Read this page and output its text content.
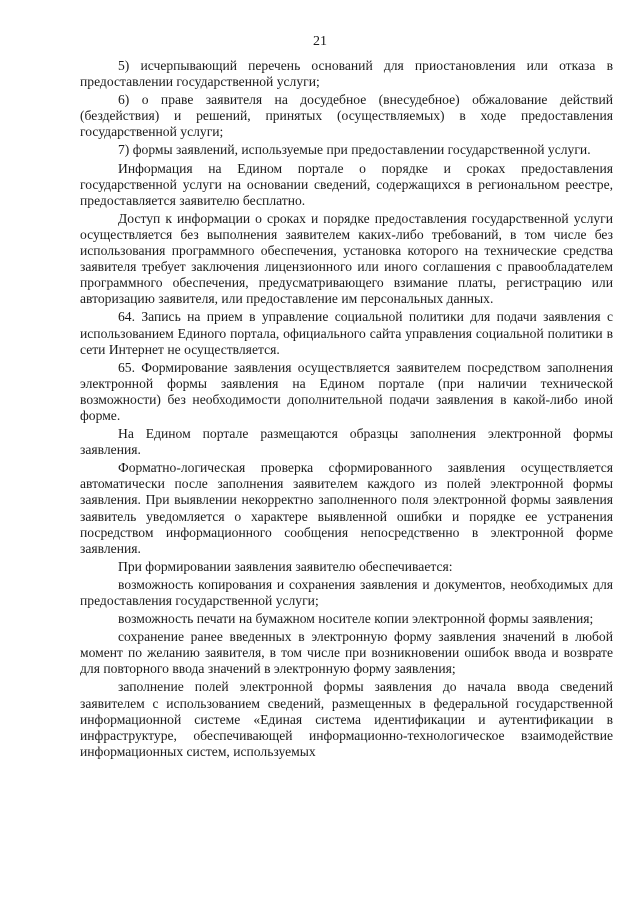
21

5) исчерпывающий перечень оснований для приостановления или отказа в предоставлении государственной услуги;

6) о праве заявителя на досудебное (внесудебное) обжалование действий (бездействия) и решений, принятых (осуществляемых) в ходе предоставления государственной услуги;

7) формы заявлений, используемые при предоставлении государственной услуги.

Информация на Едином портале о порядке и сроках предоставления государственной услуги на основании сведений, содержащихся в региональном реестре, предоставляется заявителю бесплатно.

Доступ к информации о сроках и порядке предоставления государственной услуги осуществляется без выполнения заявителем каких-либо требований, в том числе без использования программного обеспечения, установка которого на технические средства заявителя требует заключения лицензионного или иного соглашения с правообладателем программного обеспечения, предусматривающего взимание платы, регистрацию или авторизацию заявителя, или предоставление им персональных данных.

64. Запись на прием в управление социальной политики для подачи заявления с использованием Единого портала, официального сайта управления социальной политики в сети Интернет не осуществляется.

65. Формирование заявления осуществляется заявителем посредством заполнения электронной формы заявления на Едином портале (при наличии технической возможности) без необходимости дополнительной подачи заявления в какой-либо иной форме.

На Едином портале размещаются образцы заполнения электронной формы заявления.

Форматно-логическая проверка сформированного заявления осуществляется автоматически после заполнения заявителем каждого из полей электронной формы заявления. При выявлении некорректно заполненного поля электронной формы заявления заявитель уведомляется о характере выявленной ошибки и порядке ее устранения посредством информационного сообщения непосредственно в электронной форме заявления.

При формировании заявления заявителю обеспечивается:

возможность копирования и сохранения заявления и документов, необходимых для предоставления государственной услуги;

возможность печати на бумажном носителе копии электронной формы заявления;

сохранение ранее введенных в электронную форму заявления значений в любой момент по желанию заявителя, в том числе при возникновении ошибок ввода и возврате для повторного ввода значений в электронную форму заявления;

заполнение полей электронной формы заявления до начала ввода сведений заявителем с использованием сведений, размещенных в федеральной государственной информационной системе «Единая система идентификации и аутентификации в инфраструктуре, обеспечивающей информационно-технологическое взаимодействие информационных систем, используемых
